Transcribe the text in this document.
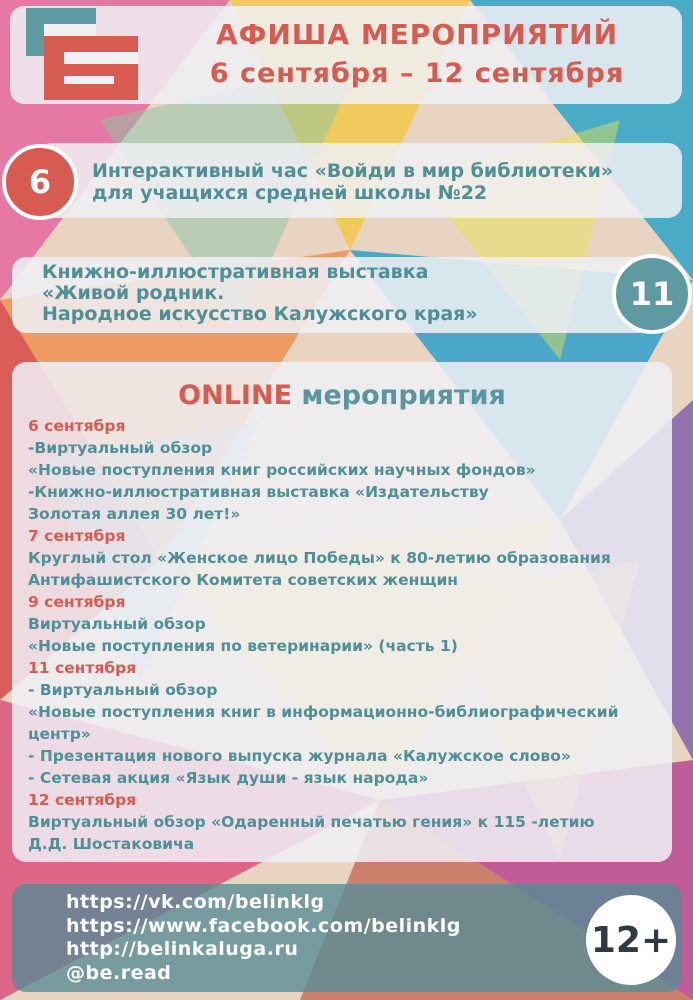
АФИША МЕРОПРИЯТИЙ
6 сентября – 12 сентября
6 Интерактивный час «Войди в мир библиотеки»
для учащихся средней школы №22
11
Книжно-иллюстративная выставка
«Живой родник.
Народное искусство Калужского края»
ONLINE мероприятия
6 сентября
-Виртуальный обзор
«Новые поступления книг российских научных фондов»
-Книжно-иллюстративная выставка «Издательству
Золотая аллея 30 лет!»
7 сентября
Круглый стол «Женское лицо Победы» к 80-летию образования
Антифашистского Комитета советских женщин
9 сентября
Виртуальный обзор
«Новые поступления по ветеринарии» (часть 1)
11 сентября
- Виртуальный обзор
«Новые поступления книг в информационно-библиографический
центр»
- Презентация нового выпуска журнала «Калужское слово»
- Сетевая акция «Язык души - язык народа»
12 сентября
Виртуальный обзор «Одаренный печатью гения» к 115 -летию
Д.Д. Шостаковича
https://vk.com/belinklg
https://www.facebook.com/belinklg
http://belinkaluga.ru
@be.read
12+
